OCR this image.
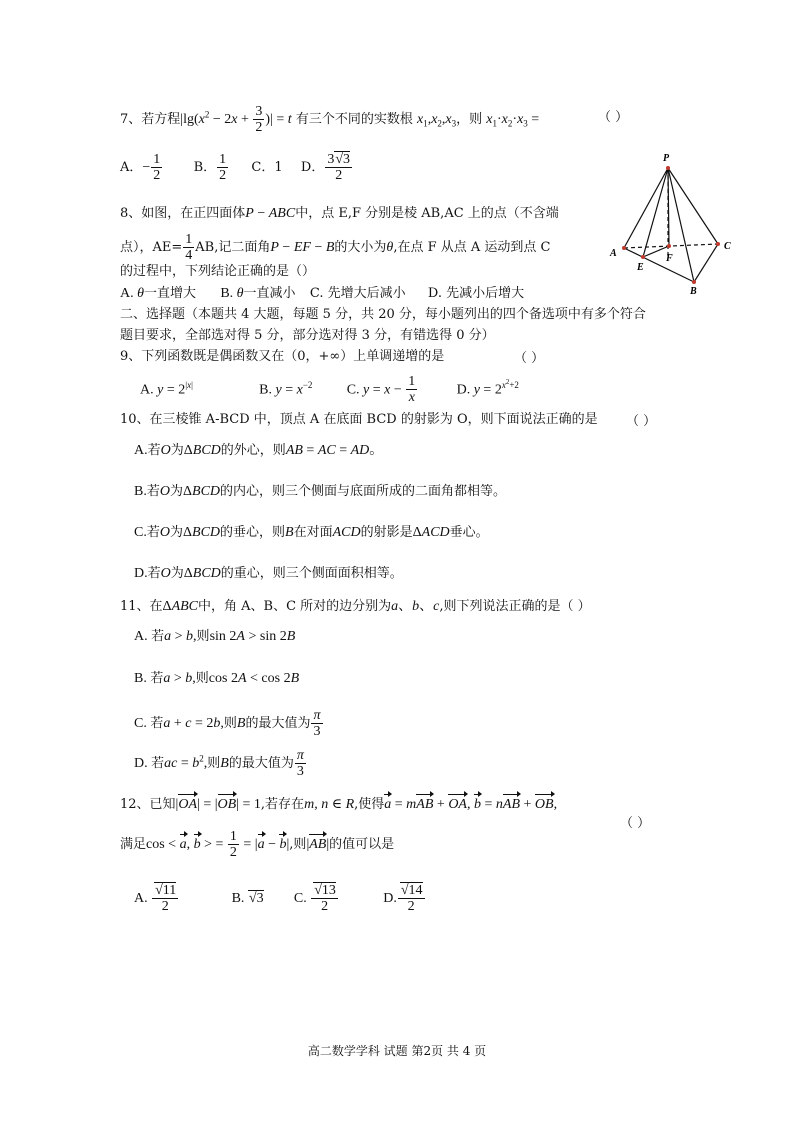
7、若方程$|\lg(x^2 - 2x + \frac{3}{2}$ )| = t 有三个不同的实数根 $x_1,x_2,x_3$，则 $x_1\cdot x_2\cdot x_3$ =	（ ）
A．− $\frac{1}{2}$ B． $\frac{1}{2}$ C．1 D． $\frac{3√3}{2}$
8、如图，在正四面体P − ABC中，点 E,F 分别是棱 AB,AC 上的点（不含端
点），$AE= \frac{1}{4}$ AB,记二面角P − EF − B的大小为θ,在点 F 从点 A 运动到点 C
的过程中，下列结论正确的是（）
A. θ一直增大 B. θ一直减小 C. 先增大后减小 D. 先减小后增大
P
A
B
C
E
F
二、选择题（本题共 4 大题，每题 5 分，共 20 分，每小题列出的四个备选项中有多个符合
题目要求，全部选对得 5 分，部分选对得 3 分，有错选得 0 分）
9、下列函数既是偶函数又在（0，+∞）上单调递增的是	（ ）
A. $y = 2^{|x|}$	B. $y = x^{-2}$ C. $y = x - \frac{1}{x}$	D. $y = 2^{x^2+2}$
10、在三棱锥 A-BCD 中，顶点 A 在底面 BCD 的射影为 O，则下面说法正确的是 （ ）
A.若O为ΔBCD的外心，则AB = AC = AD。
B.若O为ΔBCD的内心，则三个侧面与底面所成的二面角都相等。
C.若O为ΔBCD的垂心，则B在对面ACD的射影是ΔACD垂心。
D.若O为ΔBCD的重心，则三个侧面面积相等。
11、在ΔABC中，角 A、B、C 所对的边分别为a、b、c,则下列说法正确的是（ ）
A. 若a > b,则sin 2A > sin 2B
B. 若a > b,则cos 2A < cos 2B
C. 若a + c = 2b,则B的最大值为 $\frac{\pi}{3}$
D. 若ac = $b^2$,则B的最大值为 $\frac{\pi}{3}$
12、已知|OA| = |OB| = 1,若存在m, n ∈ R,使得a = mAB + OA, b = nAB + OB,
（ ）
满足cos < a, b > = $\frac{1}{2} = |a - b|$,则|AB|的值可以是
A. $\frac{√11}{2}$	B. √3 C. $\frac{√13}{2}$	D. $\frac{√14}{2}$
高二数学学科 试题 第2页 共 4 页
